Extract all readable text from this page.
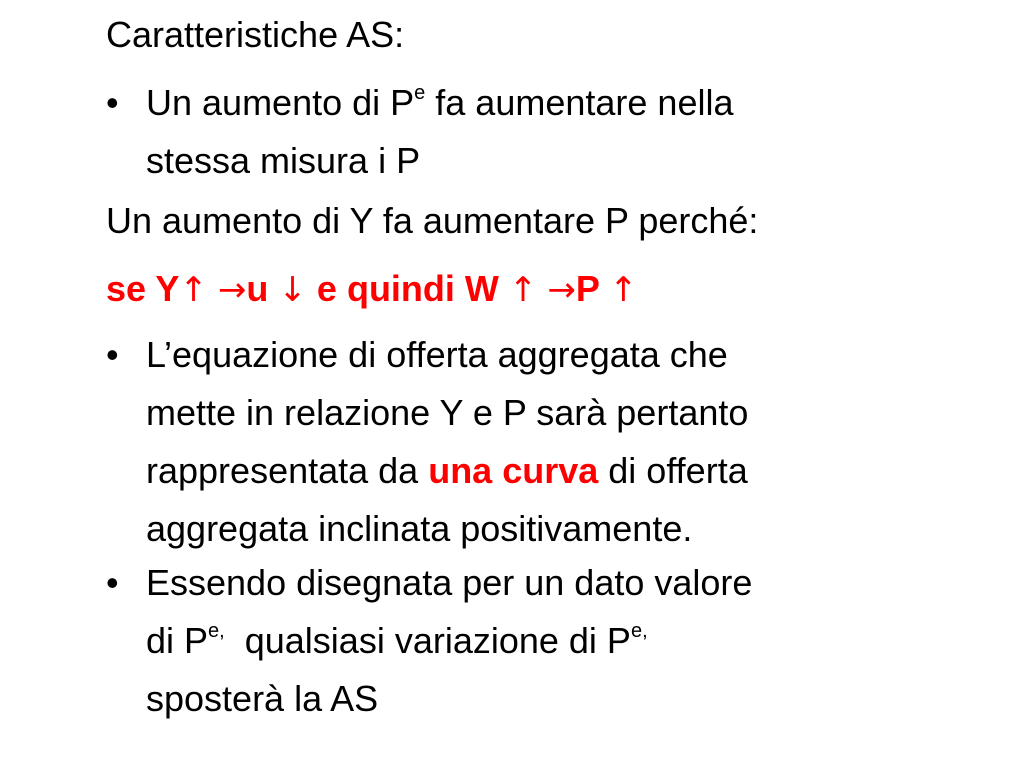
Caratteristiche AS:
• Un aumento di $P^e$ fa aumentare nella
stessa misura i P
Un aumento di Y fa aumentare P perché:
se Y↑ →u ↓ e quindi W ↑ →P ↑
• L’equazione di offerta aggregata che
mette in relazione Y e P sarà pertanto
rappresentata da una curva di offerta
aggregata inclinata positivamente.
• Essendo disegnata per un dato valore
di $P^{e,}$  qualsiasi variazione di $P^{e,}$
sposterà la AS
